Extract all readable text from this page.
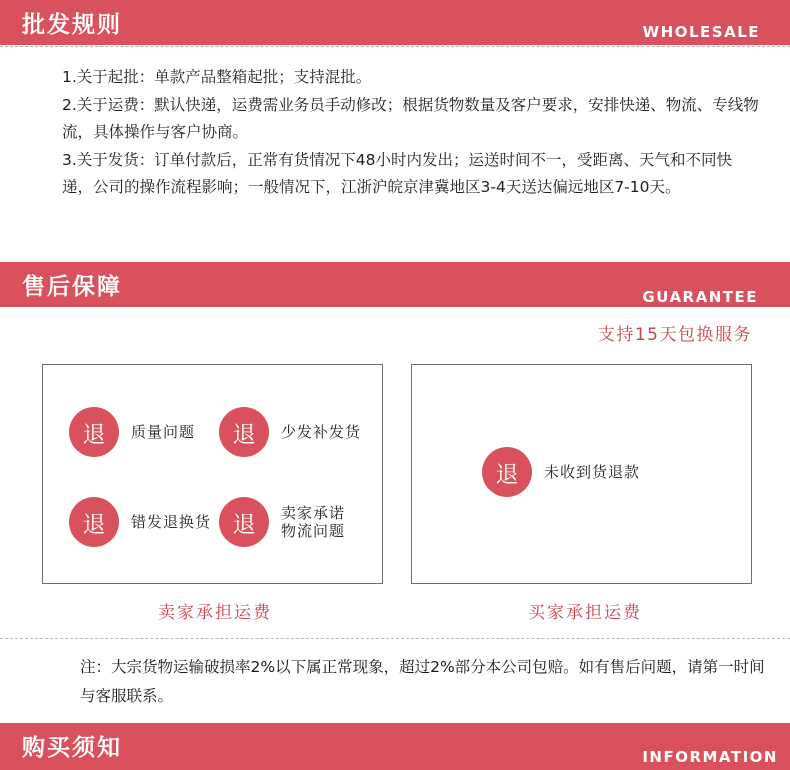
批发规则	WHOLESALE

1.关于起批：单款产品整箱起批；支持混批。

2.关于运费：默认快递，运费需业务员手动修改；根据货物数量及客户要求，安排快递、物流、专线物流，具体操作与客户协商。

3.关于发货：订单付款后，正常有货情况下48小时内发出；运送时间不一，受距离、天气和不同快递，公司的操作流程影响；一般情况下，江浙沪皖京津冀地区3-4天送达偏远地区7-10天。

售后保障	GUARANTEE
支持15天包换服务
退	质量问题	退	少发补发货
退	错发退换货 退	卖家承诺
物流问题
退	未收到货退款
卖家承担运费	买家承担运费
注：大宗货物运输破损率2%以下属正常现象，超过2%部分本公司包赔。如有售后问题，请第一时间与客服联系。
购买须知	INFORMATION
